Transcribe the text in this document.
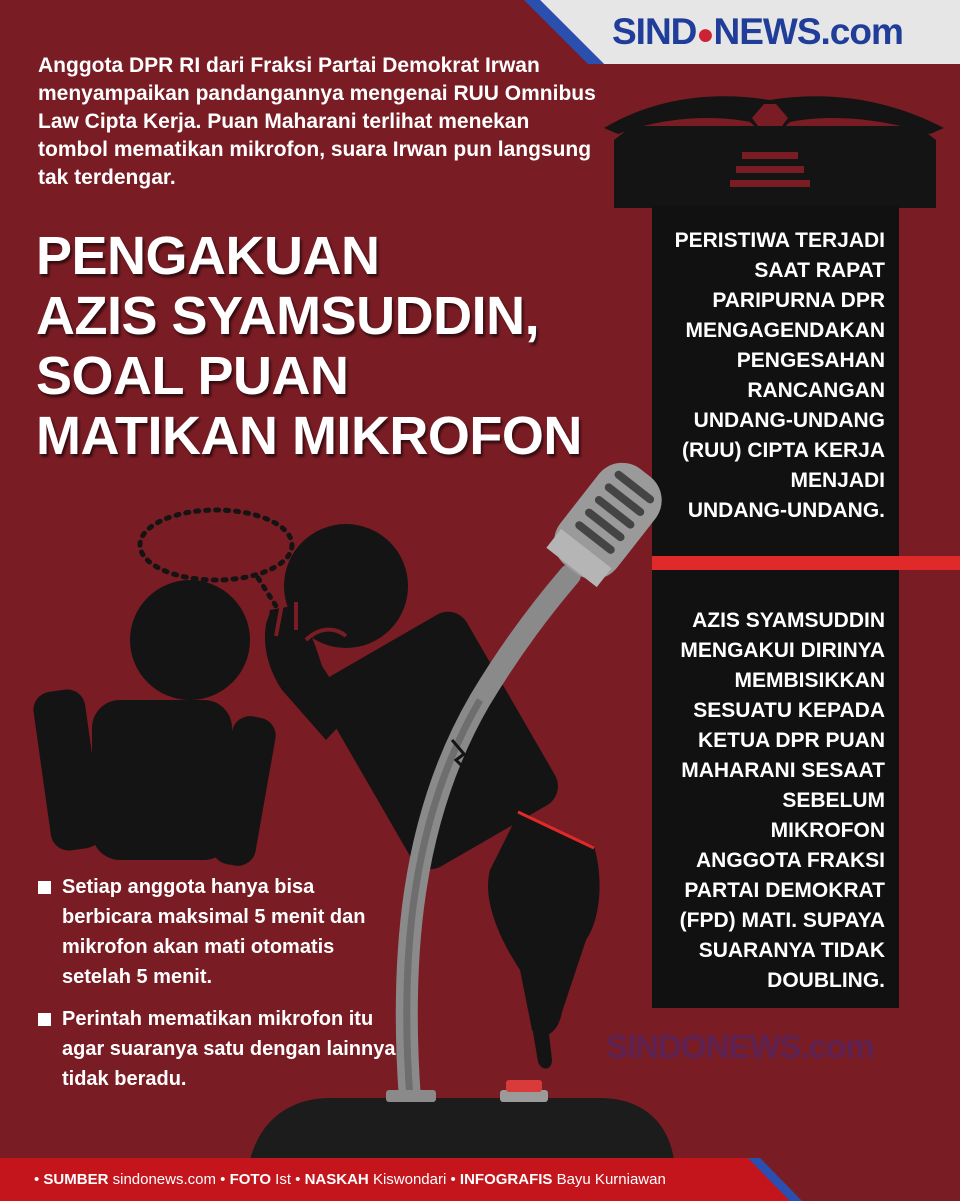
SIND●NEWS.com
Anggota DPR RI dari Fraksi Partai Demokrat Irwan menyampaikan pandangannya mengenai RUU Omnibus Law Cipta Kerja. Puan Maharani terlihat menekan tombol mematikan mikrofon, suara Irwan pun langsung tak terdengar.
PENGAKUAN
AZIS SYAMSUDDIN,
SOAL PUAN
MATIKAN MIKROFON
PERISTIWA TERJADI
SAAT RAPAT
PARIPURNA DPR
MENGAGENDAKAN
PENGESAHAN
RANCANGAN
UNDANG-UNDANG
(RUU) CIPTA KERJA
MENJADI
UNDANG-UNDANG.
AZIS SYAMSUDDIN
MENGAKUI DIRINYA
MEMBISIKKAN
SESUATU KEPADA
KETUA DPR PUAN
MAHARANI SESAAT
SEBELUM
MIKROFON
ANGGOTA FRAKSI
PARTAI DEMOKRAT
(FPD) MATI. SUPAYA
SUARANYA TIDAK
DOUBLING.
Setiap anggota hanya bisa berbicara maksimal 5 menit dan mikrofon akan mati otomatis setelah 5 menit.
Perintah mematikan mikrofon itu agar suaranya satu dengan lainnya tidak beradu.
SINDONEWS.com
• SUMBER sindonews.com • FOTO Ist • NASKAH Kiswondari • INFOGRAFIS Bayu Kurniawan
